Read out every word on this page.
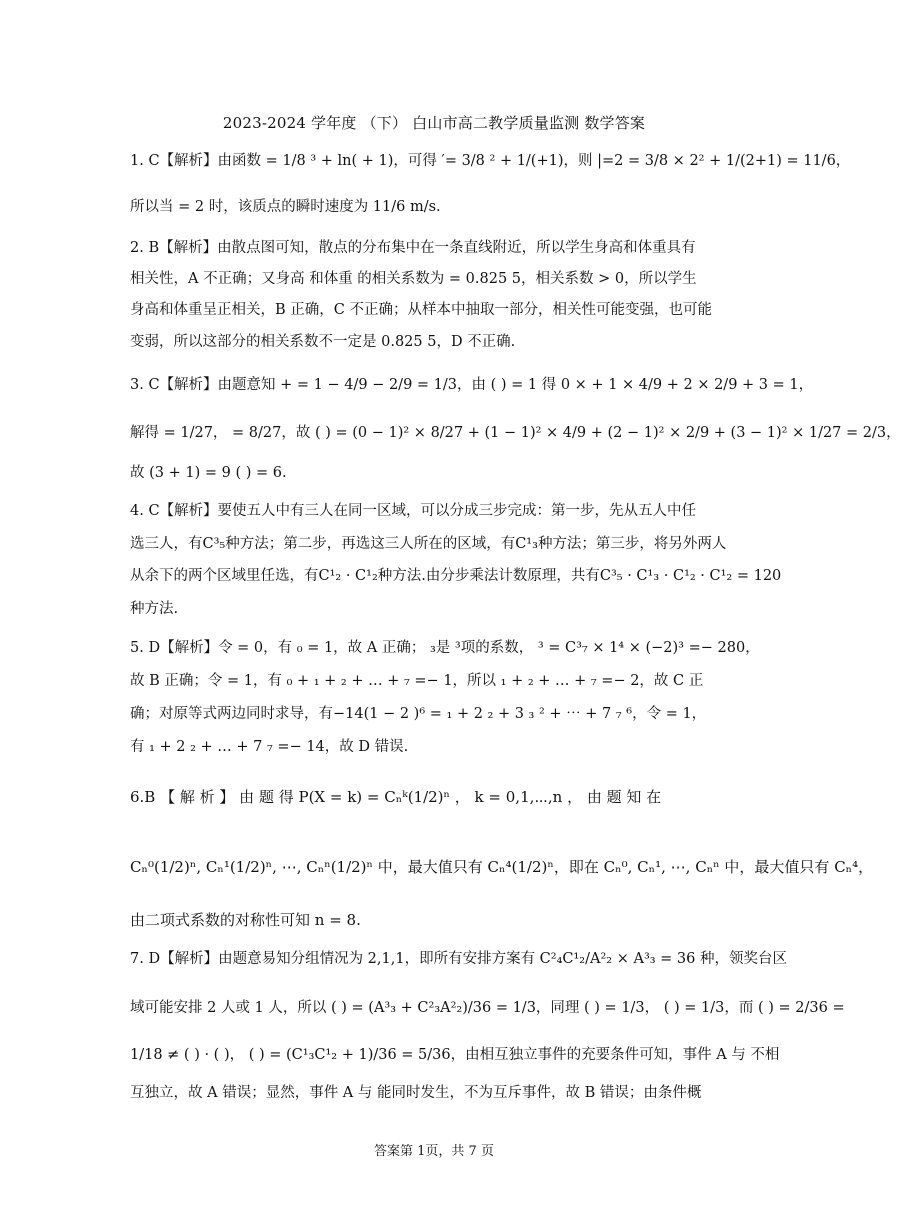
2023-2024 学年度 （下） 白山市高二教学质量监测 数学答案
1. C【解析】由函数 = 1/8 ³ + ln( + 1)，可得 ′= 3/8 ² + 1/(+1)，则 |=2 = 3/8 × 2² + 1/(2+1) = 11/6，
所以当 = 2 时，该质点的瞬时速度为 11/6 m/s.
2. B【解析】由散点图可知，散点的分布集中在一条直线附近，所以学生身高和体重具有
相关性，A 不正确；又身高 和体重 的相关系数为 = 0.825 5，相关系数 > 0，所以学生
身高和体重呈正相关，B 正确，C 不正确；从样本中抽取一部分，相关性可能变强，也可能
变弱，所以这部分的相关系数不一定是 0.825 5，D 不正确.
3. C【解析】由题意知 + = 1 − 4/9 − 2/9 = 1/3，由 ( ) = 1 得 0 × + 1 × 4/9 + 2 × 2/9 + 3 = 1，
解得 = 1/27， = 8/27，故 ( ) = (0 − 1)² × 8/27 + (1 − 1)² × 4/9 + (2 − 1)² × 2/9 + (3 − 1)² × 1/27 = 2/3，
故 (3 + 1) = 9 ( ) = 6.
4. C【解析】要使五人中有三人在同一区域，可以分成三步完成：第一步，先从五人中任
选三人，有C³₅种方法；第二步，再选这三人所在的区域，有C¹₃种方法；第三步，将另外两人
从余下的两个区域里任选，有C¹₂ · C¹₂种方法.由分步乘法计数原理，共有C³₅ · C¹₃ · C¹₂ · C¹₂ = 120
种方法.
5. D【解析】令 = 0，有 ₀ = 1，故 A 正确； ₃是 ³项的系数， ³ = C³₇ × 1⁴ × (−2)³ =− 280，
故 B 正确；令 = 1，有 ₀ + ₁ + ₂ + … + ₇ =− 1，所以 ₁ + ₂ + … + ₇ =− 2，故 C 正
确；对原等式两边同时求导，有−14(1 − 2 )⁶ = ₁ + 2 ₂ + 3 ₃ ² + ⋯ + 7 ₇ ⁶，令 = 1，
有 ₁ + 2 ₂ + … + 7 ₇ =− 14，故 D 错误.
6.B 【 解 析 】 由 题 得 P(X = k) = Cₙᵏ(1/2)ⁿ ， k = 0,1,⋯,n ， 由 题 知 在
Cₙ⁰(1/2)ⁿ, Cₙ¹(1/2)ⁿ, ⋯, Cₙⁿ(1/2)ⁿ 中，最大值只有 Cₙ⁴(1/2)ⁿ，即在 Cₙ⁰, Cₙ¹, ⋯, Cₙⁿ 中，最大值只有 Cₙ⁴，
由二项式系数的对称性可知 n = 8.
7. D【解析】由题意易知分组情况为 2,1,1，即所有安排方案有 C²₄C¹₂/A²₂ × A³₃ = 36 种，领奖台区
域可能安排 2 人或 1 人，所以 ( ) = (A³₃ + C²₃A²₂)/36 = 1/3，同理 ( ) = 1/3， ( ) = 1/3，而 ( ) = 2/36 =
1/18 ≠ ( ) · ( )， ( ) = (C¹₃C¹₂ + 1)/36 = 5/36，由相互独立事件的充要条件可知，事件 A 与 不相
互独立，故 A 错误；显然，事件 A 与 能同时发生，不为互斥事件，故 B 错误；由条件概
答案第 1页，共 7 页
